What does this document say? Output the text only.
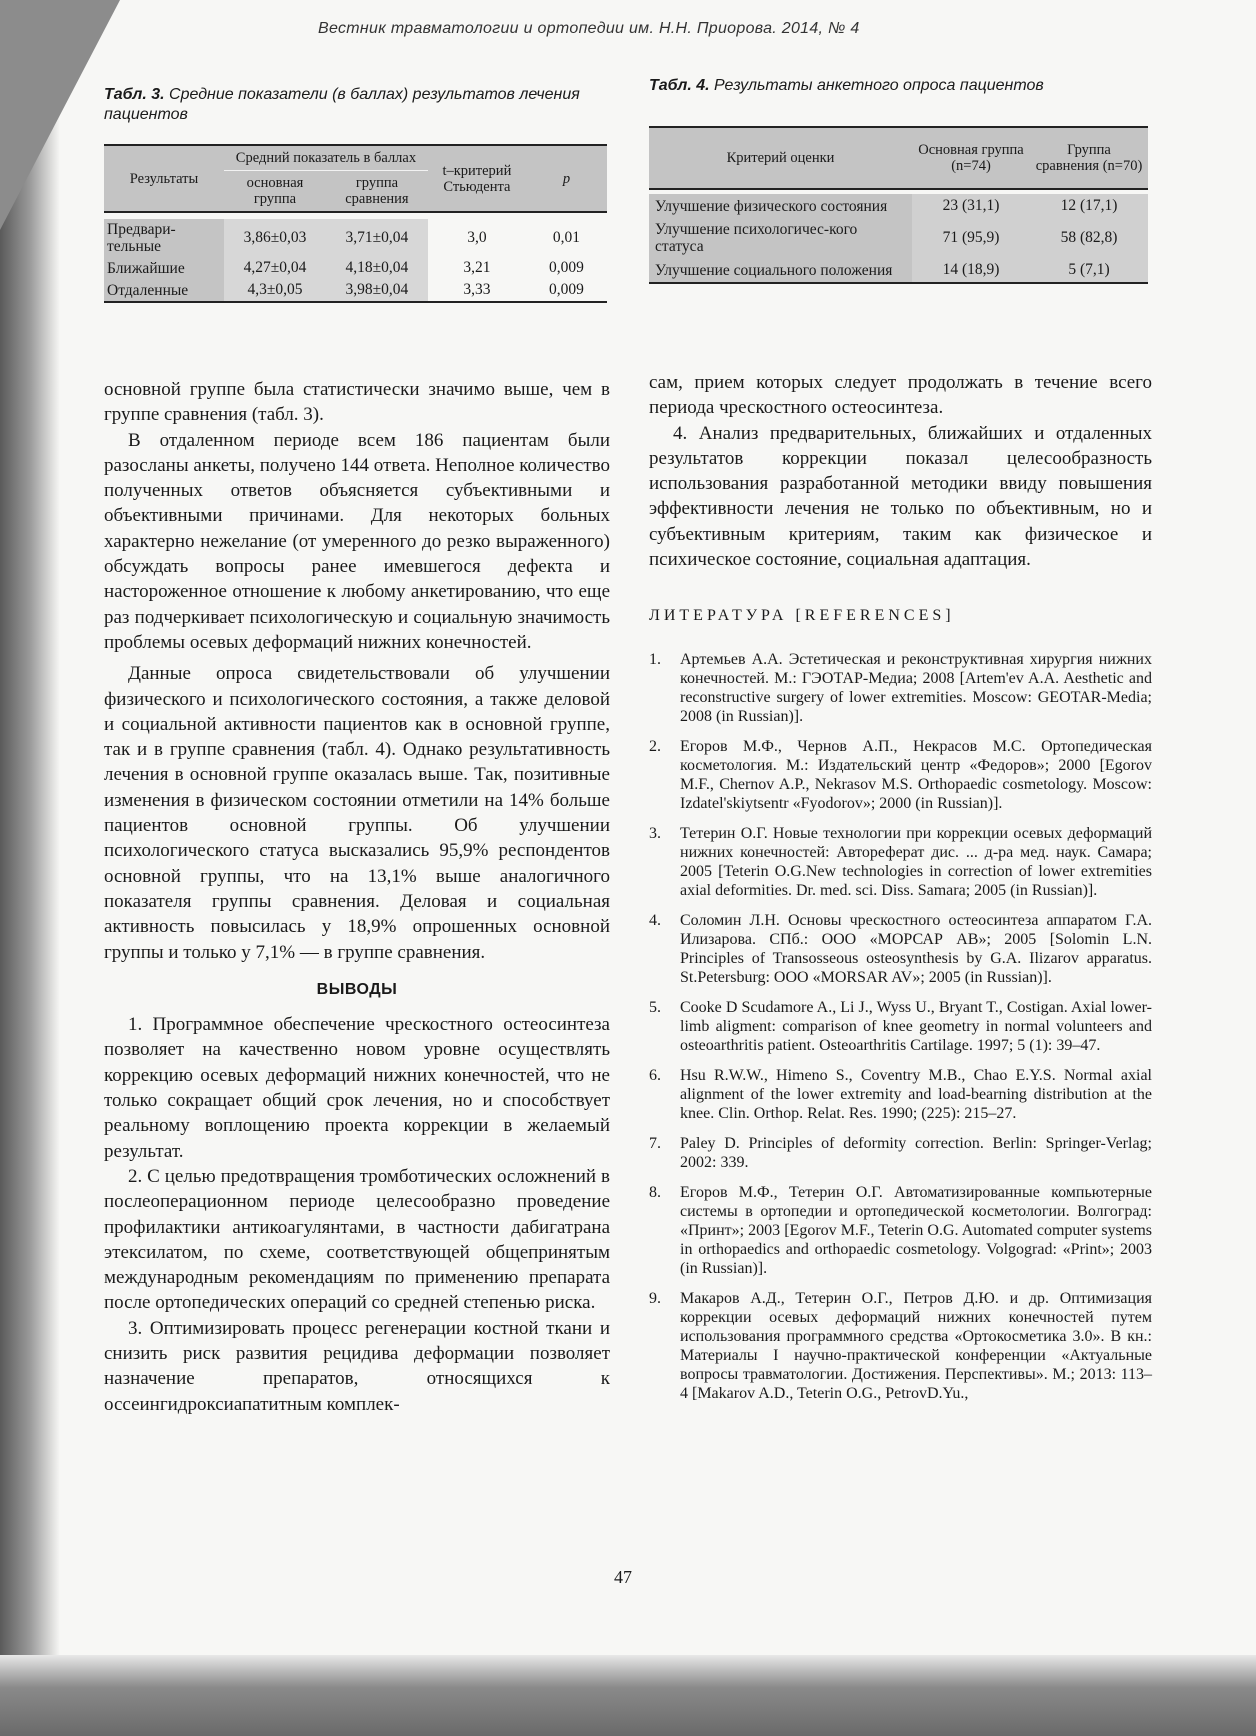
Вестник травматологии и ортопедии им. Н.Н. Приорова. 2014, № 4
Табл. 3. Средние показатели (в баллах) результатов лечения пациентов
Результаты	Средний показатель в баллах		t–критерий Стьюдента	p
	основная группа	группа сравнения		

Предвари-тельные	3,86±0,03	3,71±0,04	3,0	0,01
Ближайшие	4,27±0,04	4,18±0,04	3,21	0,009
Отдаленные	4,3±0,05	3,98±0,04	3,33	0,009
Табл. 4. Результаты анкетного опроса пациентов
Критерий оценки	Основная группа (n=74)	Группа сравнения (n=70)

Улучшение физического состояния	23 (31,1)	12 (17,1)
Улучшение психологичес-кого статуса	71 (95,9)	58 (82,8)
Улучшение социального положения	14 (18,9)	5 (7,1)

основной группе была статистически значимо выше, чем в группе сравнения (табл. 3).

В отдаленном периоде всем 186 пациентам были разосланы анкеты, получено 144 ответа. Неполное количество полученных ответов объясняется субъективными и объективными причинами. Для некоторых больных характерно нежелание (от умеренного до резко выраженного) обсуждать вопросы ранее имевшегося дефекта и настороженное отношение к любому анкетированию, что еще раз подчеркивает психологическую и социальную значимость проблемы осевых деформаций нижних конечностей.

Данные опроса свидетельствовали об улучшении физического и психологического состояния, а также деловой и социальной активности пациентов как в основной группе, так и в группе сравнения (табл. 4). Однако результативность лечения в основной группе оказалась выше. Так, позитивные изменения в физическом состоянии отметили на 14% больше пациентов основной группы. Об улучшении психологического статуса высказались 95,9% респондентов основной группы, что на 13,1% выше аналогичного показателя группы сравнения. Деловая и социальная активность повысилась у 18,9% опрошенных основной группы и только у 7,1% — в группе сравнения.

ВЫВОДЫ

1. Программное обеспечение чрескостного остеосинтеза позволяет на качественно новом уровне осуществлять коррекцию осевых деформаций нижних конечностей, что не только сокращает общий срок лечения, но и способствует реальному воплощению проекта коррекции в желаемый результат.

2. С целью предотвращения тромботических осложнений в послеоперационном периоде целесообразно проведение профилактики антикоагулянтами, в частности дабигатрана этексилатом, по схеме, соответствующей общепринятым международным рекомендациям по применению препарата после ортопедических операций со средней степенью риска.

3. Оптимизировать процесс регенерации костной ткани и снизить риск развития рецидива деформации позволяет назначение препаратов, относящихся к оссеингидроксиапатитным комплек-

сам, прием которых следует продолжать в течение всего периода чрескостного остеосинтеза.

4. Анализ предварительных, ближайших и отдаленных результатов коррекции показал целесообразность использования разработанной методики ввиду повышения эффективности лечения не только по объективным, но и субъективным критериям, таким как физическое и психическое состояние, социальная адаптация.

ЛИТЕРАТУРА [REFERENCES]
1.	Артемьев А.А. Эстетическая и реконструктивная хирургия нижних конечностей. М.: ГЭОТАР-Медиа; 2008 [Artem'ev A.A. Aesthetic and reconstructive surgery of lower extremities. Moscow: GEOTAR-Media; 2008 (in Russian)].
2.	Егоров М.Ф., Чернов А.П., Некрасов М.С. Ортопедическая косметология. М.: Издательский центр «Федоров»; 2000 [Egorov M.F., Chernov A.P., Nekrasov M.S. Orthopaedic cosmetology. Moscow: Izdatel'skiytsentr «Fyodorov»; 2000 (in Russian)].
3.	Тетерин О.Г. Новые технологии при коррекции осевых деформаций нижних конечностей: Автореферат дис. ... д-ра мед. наук. Самара; 2005 [Teterin O.G.New technologies in correction of lower extremities axial deformities. Dr. med. sci. Diss. Samara; 2005 (in Russian)].
4.	Соломин Л.Н. Основы чрескостного остеосинтеза аппаратом Г.А. Илизарова. СПб.: ООО «МОРСАР АВ»; 2005 [Solomin L.N. Principles of Transosseous osteosynthesis by G.A. Ilizarov apparatus. St.Petersburg: OOO «MORSAR AV»; 2005 (in Russian)].
5.	Cooke D Scudamore A., Li J., Wyss U., Bryant T., Costigan. Axial lower-limb aligment: comparison of knee geometry in normal volunteers and osteoarthritis patient. Osteoarthritis Cartilage. 1997; 5 (1): 39–47.
6.	Hsu R.W.W., Himeno S., Coventry M.B., Chao E.Y.S. Normal axial alignment of the lower extremity and load-bearning distribution at the knee. Clin. Orthop. Relat. Res. 1990; (225): 215–27.
7.	Paley D. Principles of deformity correction. Berlin: Springer-Verlag; 2002: 339.
8.	Егоров М.Ф., Тетерин О.Г. Автоматизированные компьютерные системы в ортопедии и ортопедической косметологии. Волгоград: «Принт»; 2003 [Egorov M.F., Teterin O.G. Automated computer systems in orthopaedics and orthopaedic cosmetology. Volgograd: «Print»; 2003 (in Russian)].
9.	Макаров А.Д., Тетерин О.Г., Петров Д.Ю. и др. Оптимизация коррекции осевых деформаций нижних конечностей путем использования программного средства «Ортокосметика 3.0». В кн.: Материалы I научно-практической конференции «Актуальные вопросы травматологии. Достижения. Перспективы». М.; 2013: 113–4 [Makarov A.D., Teterin O.G., PetrovD.Yu.,
47
